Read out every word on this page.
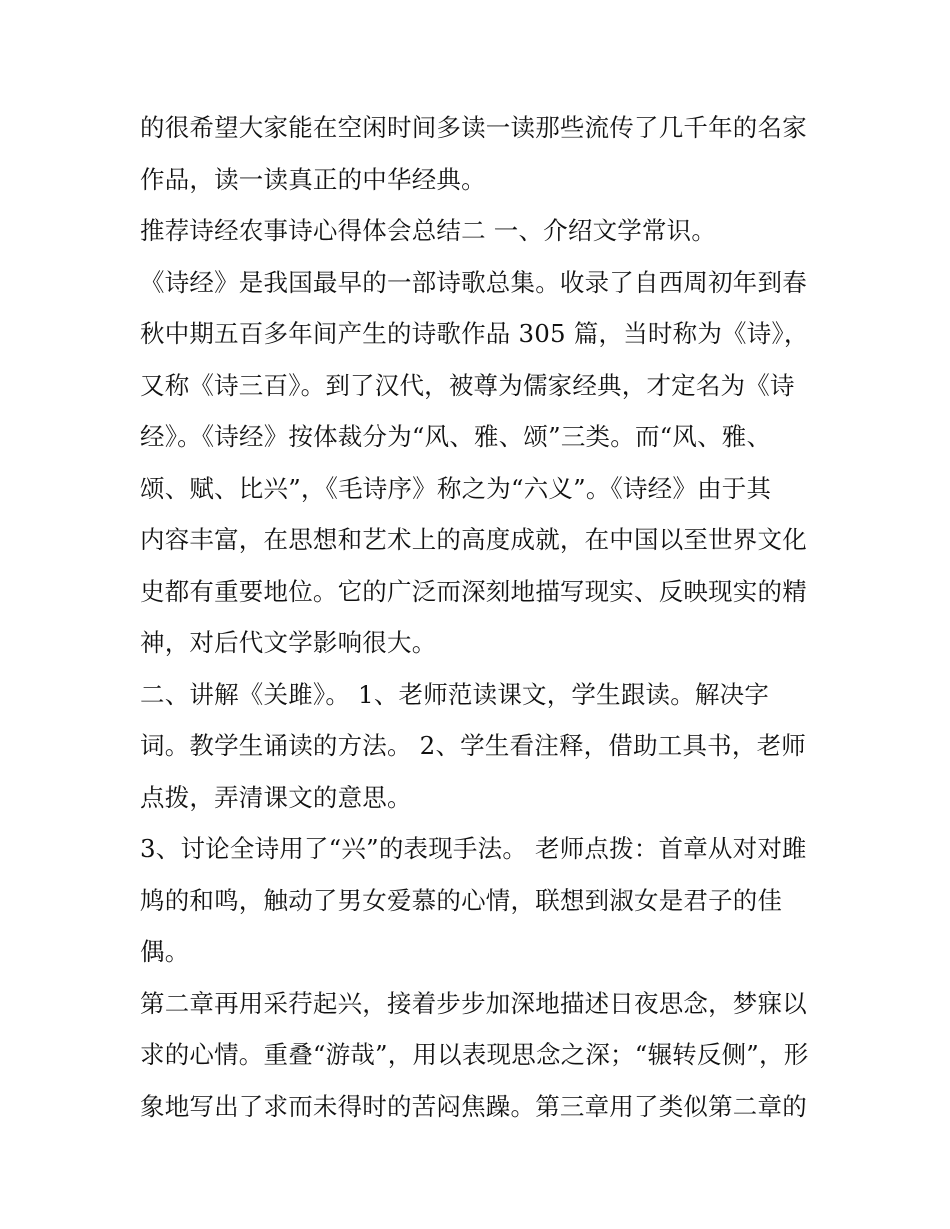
的很希望大家能在空闲时间多读一读那些流传了几千年的名家
作品，读一读真正的中华经典。
推荐诗经农事诗心得体会总结二 一、介绍文学常识。
《诗经》是我国最早的一部诗歌总集。收录了自西周初年到春
秋中期五百多年间产生的诗歌作品 305 篇，当时称为《诗》，
又称《诗三百》。到了汉代，被尊为儒家经典，才定名为《诗
经》。《诗经》按体裁分为“风、雅、颂”三类。而“风、雅、
颂、赋、比兴”，《毛诗序》称之为“六义”。《诗经》由于其
内容丰富，在思想和艺术上的高度成就，在中国以至世界文化
史都有重要地位。它的广泛而深刻地描写现实、反映现实的精
神，对后代文学影响很大。
二、讲解《关雎》。 1、老师范读课文，学生跟读。解决字
词。教学生诵读的方法。 2、学生看注释，借助工具书，老师
点拨，弄清课文的意思。
3、讨论全诗用了“兴”的表现手法。 老师点拨：首章从对对雎
鸠的和鸣，触动了男女爱慕的心情，联想到淑女是君子的佳
偶。
第二章再用采荇起兴，接着步步加深地描述日夜思念，梦寐以
求的心情。重叠“游哉”，用以表现思念之深；“辗转反侧”，形
象地写出了求而未得时的苦闷焦躁。第三章用了类似第二章的
